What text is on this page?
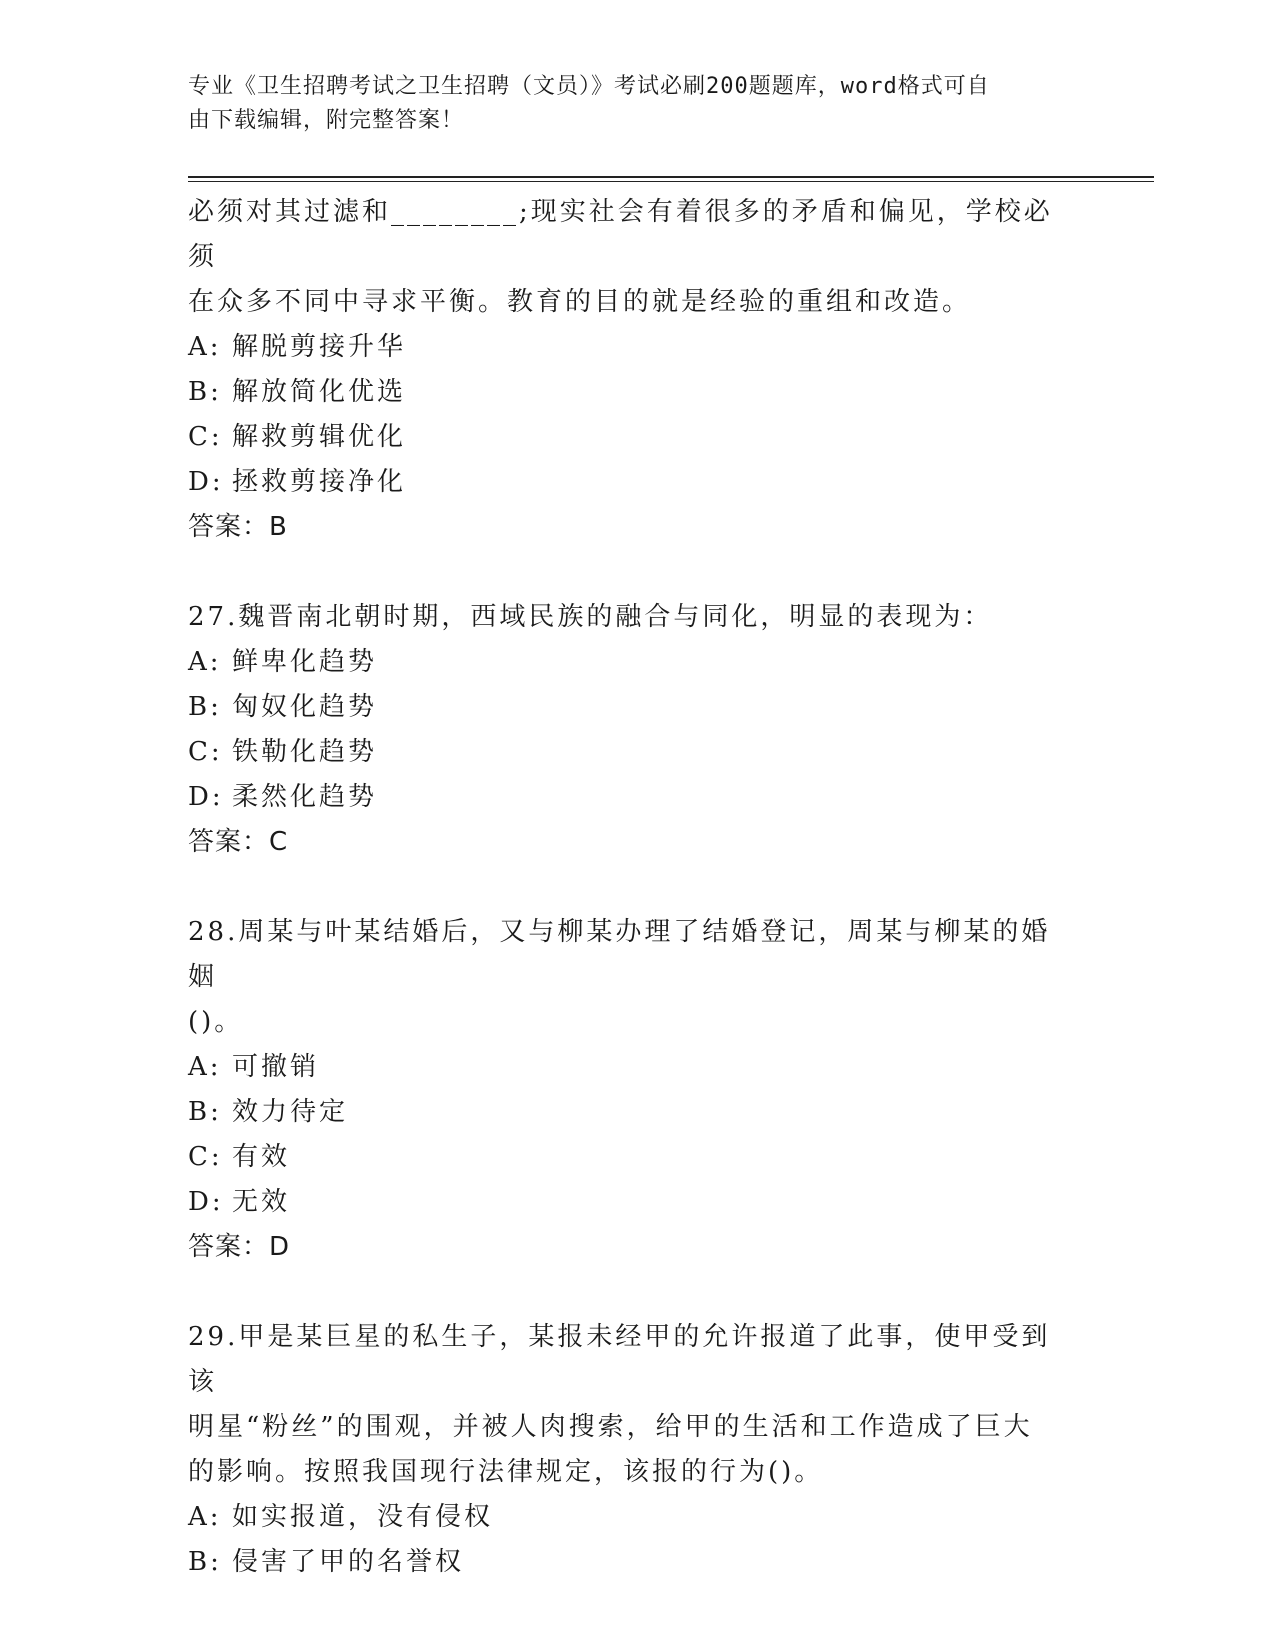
专业《卫生招聘考试之卫生招聘（文员）》考试必刷200题题库，word格式可自
由下载编辑，附完整答案！
必须对其过滤和________;现实社会有着很多的矛盾和偏见，学校必须
在众多不同中寻求平衡。教育的目的就是经验的重组和改造。
A: 解脱剪接升华
B: 解放简化优选
C: 解救剪辑优化
D: 拯救剪接净化
答案：B
27.魏晋南北朝时期，西域民族的融合与同化，明显的表现为：
A: 鲜卑化趋势
B: 匈奴化趋势
C: 铁勒化趋势
D: 柔然化趋势
答案：C
28.周某与叶某结婚后，又与柳某办理了结婚登记，周某与柳某的婚姻
()。
A: 可撤销
B: 效力待定
C: 有效
D: 无效
答案：D
29.甲是某巨星的私生子，某报未经甲的允许报道了此事，使甲受到该
明星“粉丝”的围观，并被人肉搜索，给甲的生活和工作造成了巨大
的影响。按照我国现行法律规定，该报的行为()。
A: 如实报道，没有侵权
B: 侵害了甲的名誉权
